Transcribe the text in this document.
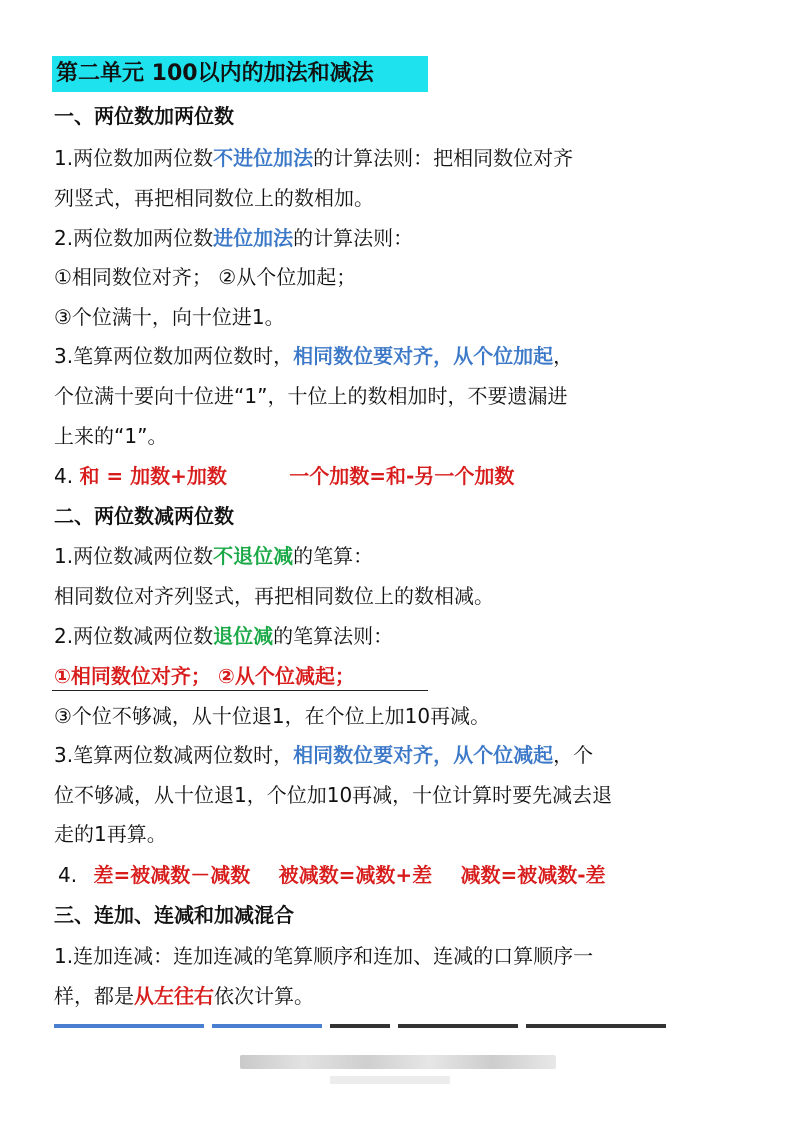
第二单元 100以内的加法和减法
一、两位数加两位数
1.两位数加两位数不进位加法的计算法则：把相同数位对齐
列竖式，再把相同数位上的数相加。
2.两位数加两位数进位加法的计算法则：
①相同数位对齐； ②从个位加起；
③个位满十，向十位进1。
3.笔算两位数加两位数时，相同数位要对齐，从个位加起，
个位满十要向十位进“1”，十位上的数相加时，不要遗漏进
上来的“1”。
4. 和 = 加数+加数	一个加数=和-另一个加数
二、两位数减两位数
1.两位数减两位数不退位减的笔算：
相同数位对齐列竖式，再把相同数位上的数相减。
2.两位数减两位数退位减的笔算法则：
①相同数位对齐； ②从个位减起；
③个位不够减，从十位退1，在个位上加10再减。
3.笔算两位数减两位数时，相同数位要对齐，从个位减起，个
位不够减，从十位退1，个位加10再减，十位计算时要先减去退
走的1再算。
4. 差=被减数－减数 被减数=减数+差 减数=被减数-差
三、连加、连减和加减混合
1.连加连减：连加连减的笔算顺序和连加、连减的口算顺序一
样，都是从左往右依次计算。
